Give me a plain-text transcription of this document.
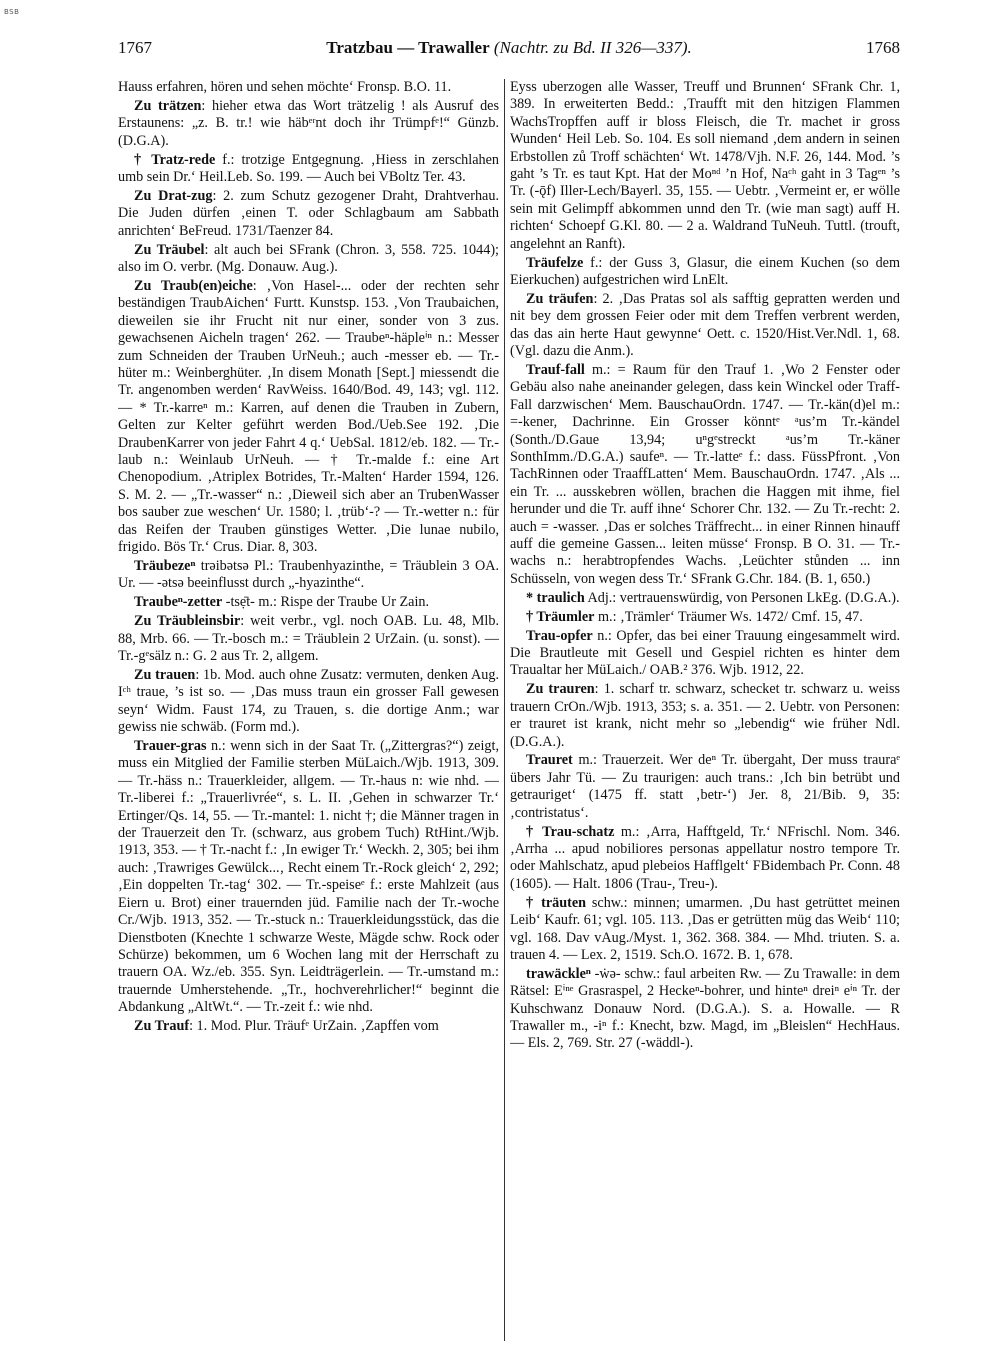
BSB
1767	Tratzbau — Trawaller (Nachtr. zu Bd. II 326—337).	1768

Hauss erfahren, hören und sehen möchte‘ Fronsp. B.O. 11.

Zu trätzen: hieher etwa das Wort trätzelig ! als Ausruf des Erstaunens: „z. B. tr.! wie häbᵉʳnt doch ihr Trümpfᵉ!“ Günzb. (D.G.A).

† Tratz-rede f.: trotzige Entgegnung. ‚Hiess in zerschlahen umb sein Dr.‘ Heil.Leb. So. 199. — Auch bei VBoltz Ter. 43.

Zu Drat-zug: 2. zum Schutz gezogener Draht, Drahtverhau. Die Juden dürfen ‚einen T. oder Schlagbaum am Sabbath anrichten‘ BeFreud. 1731/Taenzer 84.

Zu Träubel: alt auch bei SFrank (Chron. 3, 558. 725. 1044); also im O. verbr. (Mg. Donauw. Aug.).

Zu Traub(en)eiche: ‚Von Hasel-... oder der rechten sehr beständigen TraubAichen‘ Furtt. Kunstsp. 153. ‚Von Traubaichen, dieweilen sie ihr Frucht nit nur einer, sonder von 3 zus. gewachsenen Aicheln tragen‘ 262. — Traubeⁿ-häpleⁱⁿ n.: Messer zum Schneiden der Trauben UrNeuh.; auch -messer eb. — Tr.-hüter m.: Weinberghüter. ‚In disem Monath [Sept.] miessendt die Tr. angenomben werden‘ RavWeiss. 1640/Bod. 49, 143; vgl. 112. — * Tr.-karreⁿ m.: Karren, auf denen die Trauben in Zubern, Gelten zur Kelter geführt werden Bod./Ueb.See 192. ‚Die DraubenKarrer von jeder Fahrt 4 q.‘ UebSal. 1812/eb. 182. — Tr.-laub n.: Weinlaub UrNeuh. — † Tr.-malde f.: eine Art Chenopodium. ‚Atriplex Botrides, Tr.-Malten‘ Harder 1594, 126. S. M. 2. — „Tr.-wasser“ n.: ‚Dieweil sich aber an TrubenWasser bos sauber zue weschen‘ Ur. 1580; l. ‚trüb‘-? — Tr.-wetter n.: für das Reifen der Trauben günstiges Wetter. ‚Die lunae nubilo, frigido. Bös Tr.‘ Crus. Diar. 8, 303.

Träubezeⁿ trəibətsə Pl.: Traubenhyazinthe, = Träublein 3 OA. Ur. — -ətsə beeinflusst durch „-hyazinthe“.

Traubeⁿ-zetter -tsẹ̄t- m.: Rispe der Traube Ur Zain.

Zu Träubleinsbir: weit verbr., vgl. noch OAB. Lu. 48, Mlb. 88, Mrb. 66. — Tr.-bosch m.: = Träublein 2 UrZain. (u. sonst). — Tr.-gᵉsälz n.: G. 2 aus Tr. 2, allgem.

Zu trauen: 1b. Mod. auch ohne Zusatz: vermuten, denken Aug. Iᶜʰ traue, ’s ist so. — ‚Das muss traun ein grosser Fall gewesen seyn‘ Widm. Faust 174, zu Trauen, s. die dortige Anm.; war gewiss nie schwäb. (Form md.).

Trauer-gras n.: wenn sich in der Saat Tr. („Zittergras?“) zeigt, muss ein Mitglied der Familie sterben MüLaich./Wjb. 1913, 309. — Tr.-häss n.: Trauerkleider, allgem. — Tr.-haus n: wie nhd. — Tr.-liberei f.: „Trauerlivrée“, s. L. II. ‚Gehen in schwarzer Tr.‘ Ertinger/Qs. 14, 55. — Tr.-mantel: 1. nicht †; die Männer tragen in der Trauerzeit den Tr. (schwarz, aus grobem Tuch) RtHint./Wjb. 1913, 353. — † Tr.-nacht f.: ‚In ewiger Tr.‘ Weckh. 2, 305; bei ihm auch: ‚Trawriges Gewülck...‚ Recht einem Tr.-Rock gleich‘ 2, 292; ‚Ein doppelten Tr.-tag‘ 302. — Tr.-speiseᵉ f.: erste Mahlzeit (aus Eiern u. Brot) einer trauernden jüd. Familie nach der Tr.-woche Cr./Wjb. 1913, 352. — Tr.-stuck n.: Trauerkleidungsstück, das die Dienstboten (Knechte 1 schwarze Weste, Mägde schw. Rock oder Schürze) bekommen, um 6 Wochen lang mit der Herrschaft zu trauern OA. Wz./eb. 355. Syn. Leidträgerlein. — Tr.-umstand m.: trauernde Umherstehende. „Tr., hochverehrlicher!“ beginnt die Abdankung „AltWt.“. — Tr.-zeit f.: wie nhd.

Zu Trauf: 1. Mod. Plur. Träufᵉ UrZain. ‚Zapffen vom

Eyss uberzogen alle Wasser, Treuff und Brunnen‘ SFrank Chr. 1, 389. In erweiterten Bedd.: ‚Traufft mit den hitzigen Flammen WachsTropffen auff ir bloss Fleisch, die Tr. machet ir gross Wunden‘ Heil Leb. So. 104. Es soll niemand ‚dem andern in seinen Erbstollen zů Troff schächten‘ Wt. 1478/Vjh. N.F. 26, 144. Mod. ’s gaht ’s Tr. es taut Kpt. Hat der Moⁿᵈ ’n Hof, Naᶜʰ gaht in 3 Tagᵉⁿ ’s Tr. (-ǭf) Iller-Lech/Bayerl. 35, 155. — Uebtr. ‚Vermeint er, er wölle sein mit Gelimpff abkommen unnd den Tr. (wie man sagt) auff H. richten‘ Schoepf G.Kl. 80. — 2 a. Waldrand TuNeuh. Tuttl. (trouft, angelehnt an Ranft).

Träufelze f.: der Guss 3, Glasur, die einem Kuchen (so dem Eierkuchen) aufgestrichen wird LnElt.

Zu träufen: 2. ‚Das Pratas sol als safftig gepratten werden und nit bey dem grossen Feier oder mit dem Treffen verbrent werden, das das ain herte Haut gewynne‘ Oett. c. 1520/Hist.Ver.Ndl. 1, 68. (Vgl. dazu die Anm.).

Trauf-fall m.: = Raum für den Trauf 1. ‚Wo 2 Fenster oder Gebäu also nahe aneinander gelegen, dass kein Winckel oder Traff-Fall darzwischen‘ Mem. BauschauOrdn. 1747. — Tr.-kän(d)el m.: =-kener, Dachrinne. Ein Grosser könntᵉ ᵃus’m Tr.-kändel (Sonth./D.Gaue 13,94; uⁿgᵉstreckt ᵃus’m Tr.-käner SonthImm./D.G.A.) saufeⁿ. — Tr.-latteᵉ f.: dass. FüssPfront. ‚Von TachRinnen oder TraaffLatten‘ Mem. BauschauOrdn. 1747. ‚Als ... ein Tr. ... ausskebren wöllen, brachen die Haggen mit ihme, fiel herunder und die Tr. auff ihne‘ Schorer Chr. 132. — Zu Tr.-recht: 2. auch = -wasser. ‚Das er solches Träffrecht... in einer Rinnen hinauff auff die gemeine Gassen... leiten müsse‘ Fronsp. B O. 31. — Tr.-wachs n.: herabtropfendes Wachs. ‚Leüchter stůnden ... inn Schüsseln, von wegen dess Tr.‘ SFrank G.Chr. 184. (B. 1, 650.)

* traulich Adj.: vertrauenswürdig, von Personen LkEg. (D.G.A.).

† Träumler m.: ‚Trämler‘ Träumer Ws. 1472/ Cmf. 15, 47.

Trau-opfer n.: Opfer, das bei einer Trauung eingesammelt wird. Die Brautleute mit Gesell und Gespiel richten es hinter dem Traualtar her MüLaich./ OAB.² 376. Wjb. 1912, 22.

Zu trauren: 1. scharf tr. schwarz, schecket tr. schwarz u. weiss trauern CrOn./Wjb. 1913, 353; s. a. 351. — 2. Uebtr. von Personen: er trauret ist krank, nicht mehr so „lebendig“ wie früher Ndl. (D.G.A.).

Trauret m.: Trauerzeit. Wer deⁿ Tr. übergaht, Der muss trauraᵉ übers Jahr Tü. — Zu traurigen: auch trans.: ‚Ich bin betrübt und getrauriget‘ (1475 ff. statt ‚betr-‘) Jer. 8, 21/Bib. 9, 35: ‚contristatus‘.

† Trau-schatz m.: ‚Arra, Hafftgeld, Tr.‘ NFrischl. Nom. 346. ‚Arrha ... apud nobiliores personas appellatur nostro tempore Tr. oder Mahlschatz, apud plebeios Hafflgelt‘ FBidembach Pr. Conn. 48 (1605). — Halt. 1806 (Trau-, Treu-).

† träuten schw.: minnen; umarmen. ‚Du hast getrüttet meinen Leib‘ Kaufr. 61; vgl. 105. 113. ‚Das er getrütten müg das Weib‘ 110; vgl. 168. Dav vAug./Myst. 1, 362. 368. 384. — Mhd. triuten. S. a. trauen 4. — Lex. 2, 1519. Sch.O. 1672. B. 1, 678.

trawäckleⁿ -ẇə- schw.: faul arbeiten Rw. — Zu Trawalle: in dem Rätsel: Eⁱⁿᵉ Grasraspel, 2 Heckeⁿ-bohrer, und hinteⁿ dreiⁿ eⁱⁿ Tr. der Kuhschwanz Donauw Nord. (D.G.A.). S. a. Howalle. — R Trawaller m., -iⁿ f.: Knecht, bzw. Magd, im „Bleislen“ HechHaus. — Els. 2, 769. Str. 27 (-wäddl-).
